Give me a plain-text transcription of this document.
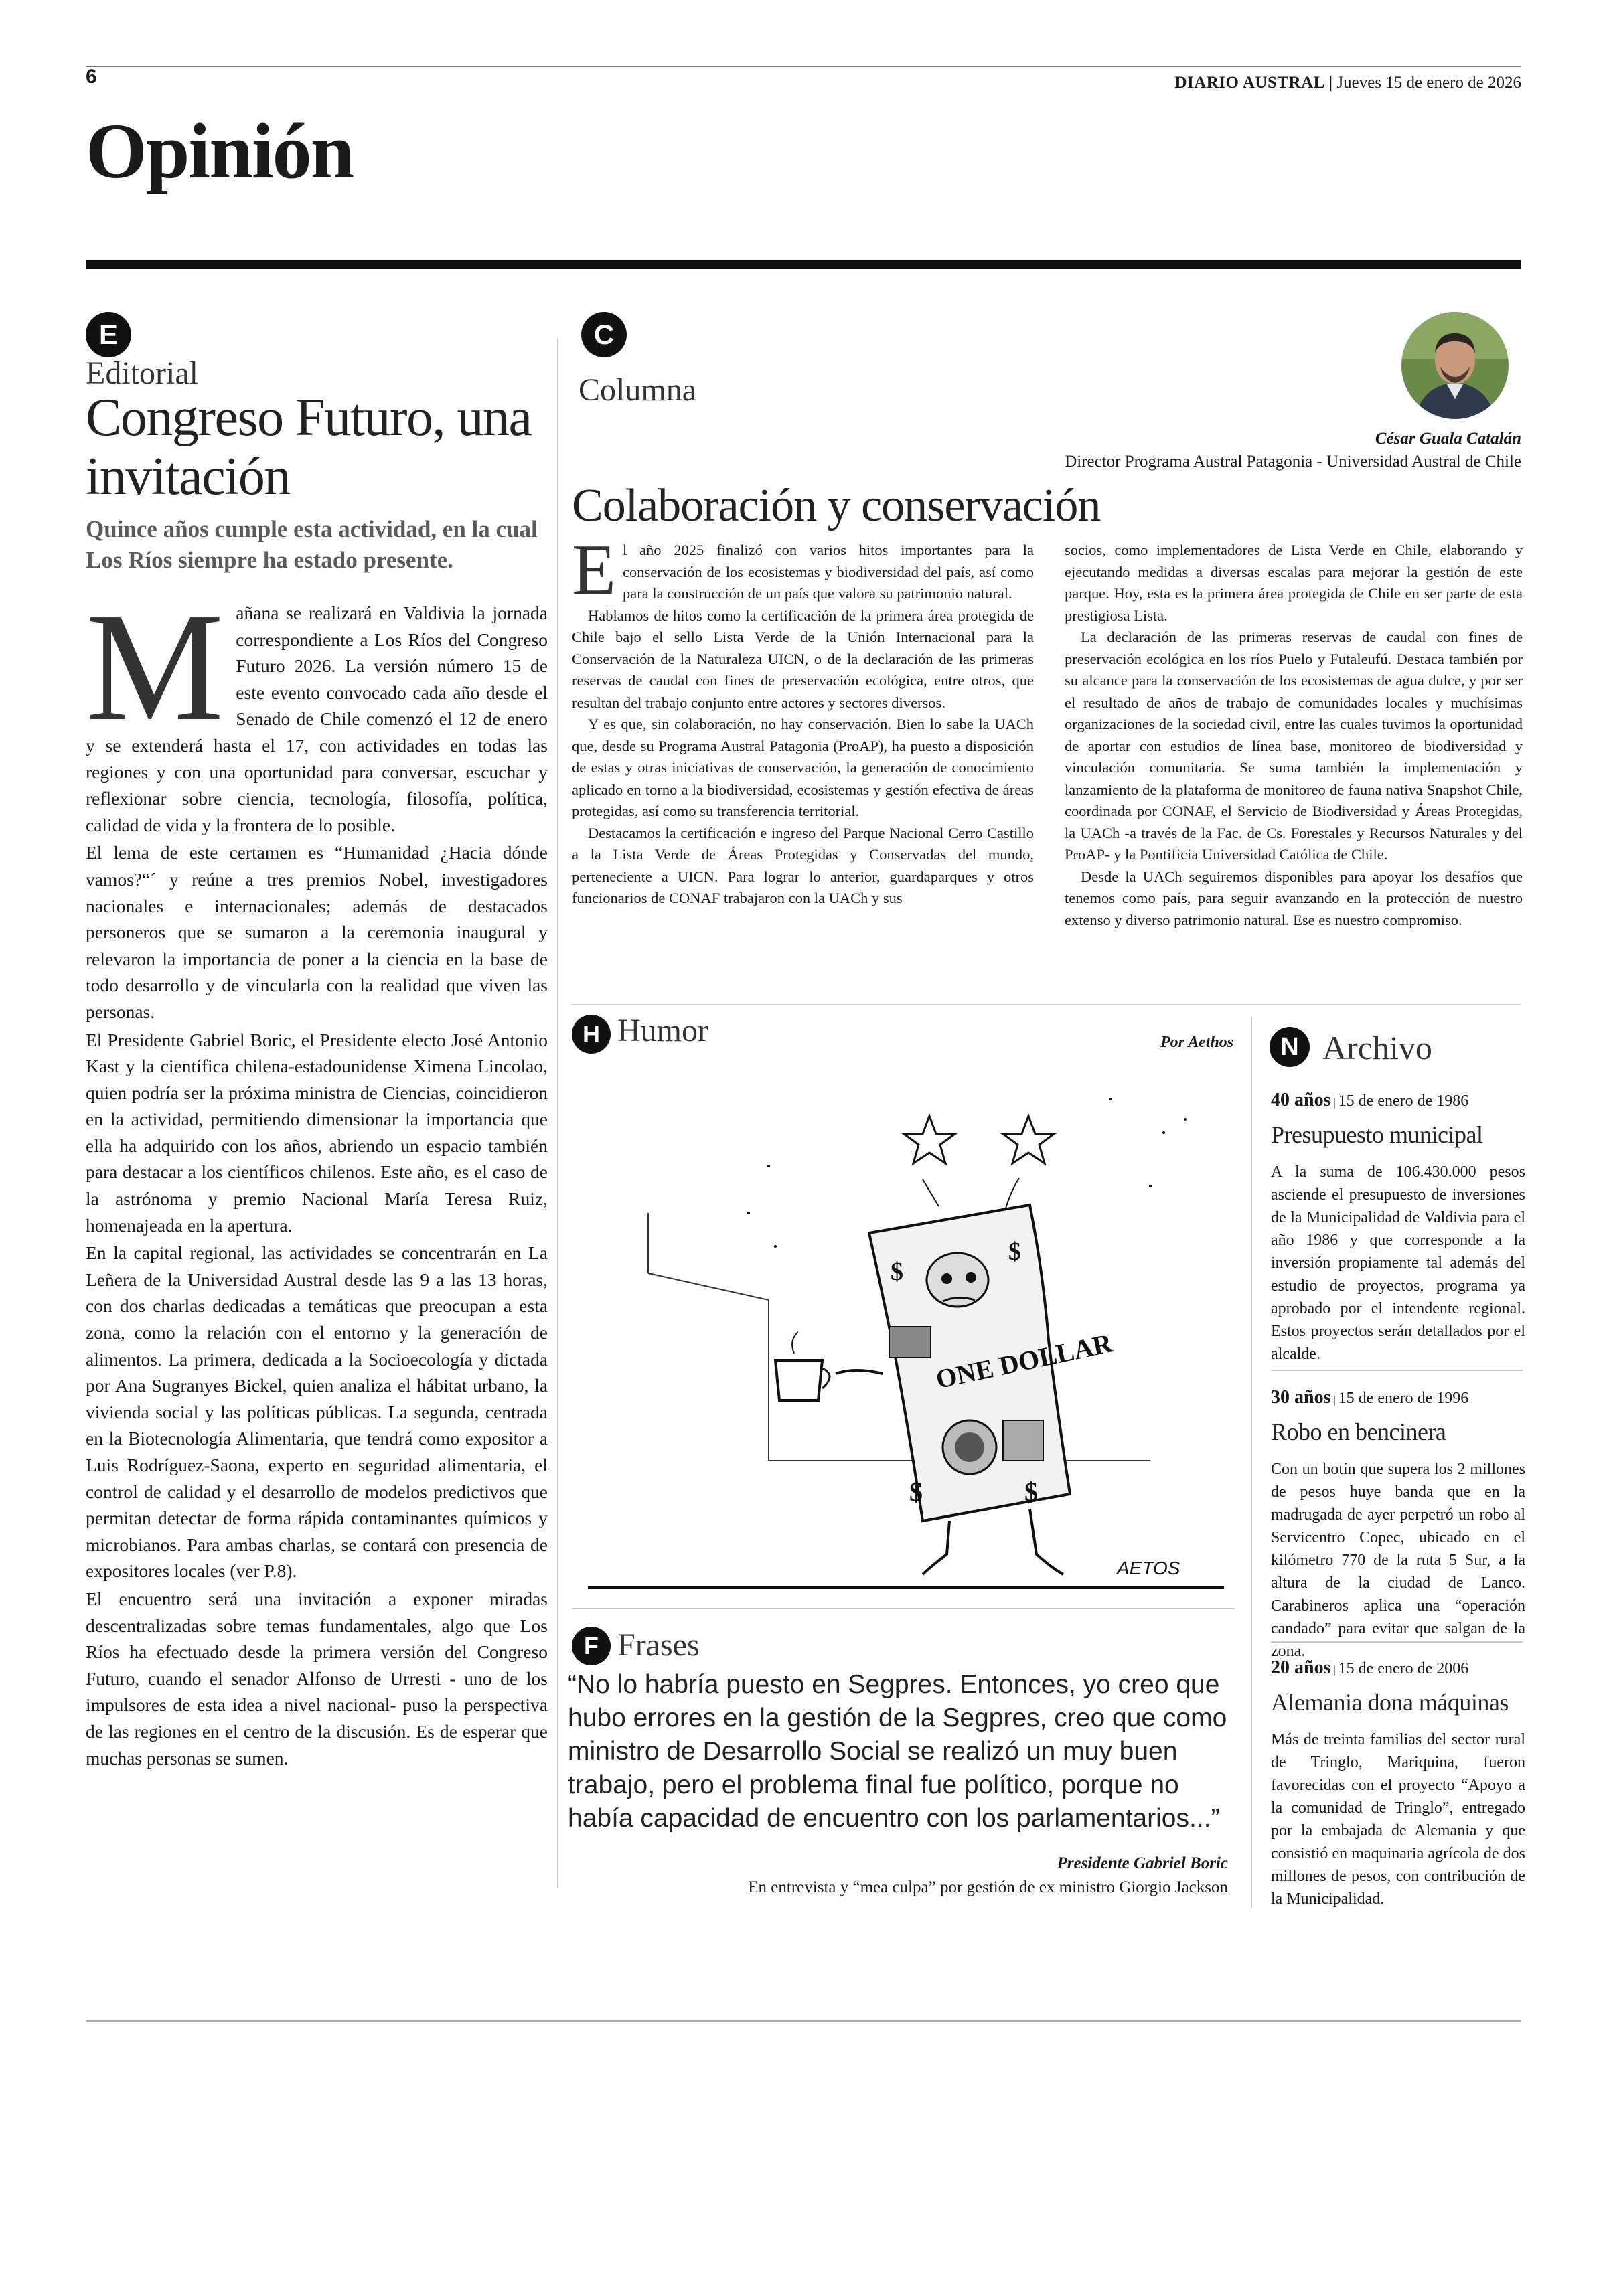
6	DIARIO AUSTRAL | Jueves 15 de enero de 2026
Opinión
E
Editorial
Congreso Futuro, una invitación
Quince años cumple esta actividad, en la cual Los Ríos siempre ha estado presente.

Mañana se realizará en Valdivia la jornada correspondiente a Los Ríos del Congreso Futuro 2026. La versión número 15 de este evento convocado cada año desde el Senado de Chile comenzó el 12 de enero y se extenderá hasta el 17, con actividades en todas las regiones y con una oportunidad para conversar, escuchar y reflexionar sobre ciencia, tecnología, filosofía, política, calidad de vida y la frontera de lo posible.

El lema de este certamen es “Humanidad ¿Hacia dónde vamos?“´ y reúne a tres premios Nobel, investigadores nacionales e internacionales; además de destacados personeros que se sumaron a la ceremonia inaugural y relevaron la importancia de poner a la ciencia en la base de todo desarrollo y de vincularla con la realidad que viven las personas.

El Presidente Gabriel Boric, el Presidente electo José Antonio Kast y la científica chilena-estadounidense Ximena Lincolao, quien podría ser la próxima ministra de Ciencias, coincidieron en la actividad, permitiendo dimensionar la importancia que ella ha adquirido con los años, abriendo un espacio también para destacar a los científicos chilenos. Este año, es el caso de la astrónoma y premio Nacional María Teresa Ruiz, homenajeada en la apertura.

En la capital regional, las actividades se concentrarán en La Leñera de la Universidad Austral desde las 9 a las 13 horas, con dos charlas dedicadas a temáticas que preocupan a esta zona, como la relación con el entorno y la generación de alimentos. La primera, dedicada a la Socioecología y dictada por Ana Sugranyes Bickel, quien analiza el hábitat urbano, la vivienda social y las políticas públicas. La segunda, centrada en la Biotecnología Alimentaria, que tendrá como expositor a Luis Rodríguez-Saona, experto en seguridad alimentaria, el control de calidad y el desarrollo de modelos predictivos que permitan detectar de forma rápida contaminantes químicos y microbianos. Para ambas charlas, se contará con presencia de expositores locales (ver P.8).

El encuentro será una invitación a exponer miradas descentralizadas sobre temas fundamentales, algo que Los Ríos ha efectuado desde la primera versión del Congreso Futuro, cuando el senador Alfonso de Urresti - uno de los impulsores de esta idea a nivel nacional- puso la perspectiva de las regiones en el centro de la discusión. Es de esperar que muchas personas se sumen.

C
Columna
César Guala Catalán
Director Programa Austral Patagonia - Universidad Austral de Chile
Colaboración y conservación

El año 2025 finalizó con varios hitos importantes para la conservación de los ecosistemas y biodiversidad del país, así como para la construcción de un país que valora su patrimonio natural.

Hablamos de hitos como la certificación de la primera área protegida de Chile bajo el sello Lista Verde de la Unión Internacional para la Conservación de la Naturaleza UICN, o de la declaración de las primeras reservas de caudal con fines de preservación ecológica, entre otros, que resultan del trabajo conjunto entre actores y sectores diversos.

Y es que, sin colaboración, no hay conservación. Bien lo sabe la UACh que, desde su Programa Austral Patagonia (ProAP), ha puesto a disposición de estas y otras iniciativas de conservación, la generación de conocimiento aplicado en torno a la biodiversidad, ecosistemas y gestión efectiva de áreas protegidas, así como su transferencia territorial.

Destacamos la certificación e ingreso del Parque Nacional Cerro Castillo a la Lista Verde de Áreas Protegidas y Conservadas del mundo, perteneciente a UICN. Para lograr lo anterior, guardaparques y otros funcionarios de CONAF trabajaron con la UACh y sus

socios, como implementadores de Lista Verde en Chile, elaborando y ejecutando medidas a diversas escalas para mejorar la gestión de este parque. Hoy, esta es la primera área protegida de Chile en ser parte de esta prestigiosa Lista.

La declaración de las primeras reservas de caudal con fines de preservación ecológica en los ríos Puelo y Futaleufú. Destaca también por su alcance para la conservación de los ecosistemas de agua dulce, y por ser el resultado de años de trabajo de comunidades locales y muchísimas organizaciones de la sociedad civil, entre las cuales tuvimos la oportunidad de aportar con estudios de línea base, monitoreo de biodiversidad y vinculación comunitaria. Se suma también la implementación y lanzamiento de la plataforma de monitoreo de fauna nativa Snapshot Chile, coordinada por CONAF, el Servicio de Biodiversidad y Áreas Protegidas, la UACh -a través de la Fac. de Cs. Forestales y Recursos Naturales y del ProAP- y la Pontificia Universidad Católica de Chile.

Desde la UACh seguiremos disponibles para apoyar los desafíos que tenemos como país, para seguir avanzando en la protección de nuestro extenso y diverso patrimonio natural. Ese es nuestro compromiso.

H Humor	Por Aethos
$
$
ONE DOLLAR
$	$
AETOS
N Archivo
40 años | 15 de enero de 1986
Presupuesto municipal
A la suma de 106.430.000 pesos asciende el presupuesto de inversiones de la Municipalidad de Valdivia para el año 1986 y que corresponde a la inversión propiamente tal además del estudio de proyectos, programa ya aprobado por el intendente regional. Estos proyectos serán detallados por el alcalde.
30 años | 15 de enero de 1996
Robo en bencinera
Con un botín que supera los 2 millones de pesos huye banda que en la madrugada de ayer perpetró un robo al Servicentro Copec, ubicado en el kilómetro 770 de la ruta 5 Sur, a la altura de la ciudad de Lanco. Carabineros aplica una “operación candado” para evitar que salgan de la zona.
20 años | 15 de enero de 2006
Alemania dona máquinas
Más de treinta familias del sector rural de Tringlo, Mariquina, fueron favorecidas con el proyecto “Apoyo a la comunidad de Tringlo”, entregado por la embajada de Alemania y que consistió en maquinaria agrícola de dos millones de pesos, con contribución de la Municipalidad.
F Frases
“No lo habría puesto en Segpres. Entonces, yo creo que hubo errores en la gestión de la Segpres, creo que como ministro de Desarrollo Social se realizó un muy buen trabajo, pero el problema final fue político, porque no había capacidad de encuentro con los parlamentarios...”
Presidente Gabriel Boric
En entrevista y “mea culpa” por gestión de ex ministro Giorgio Jackson
